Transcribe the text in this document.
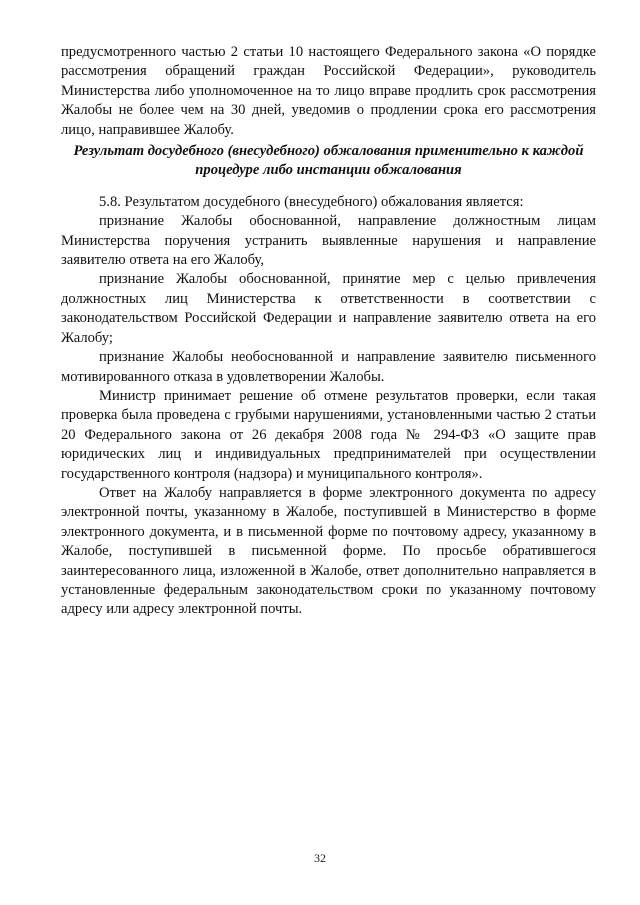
предусмотренного частью 2 статьи 10 настоящего Федерального закона «О порядке рассмотрения обращений граждан Российской Федерации», руководитель Министерства либо уполномоченное на то лицо вправе продлить срок рассмотрения Жалобы не более чем на 30 дней, уведомив о продлении срока его рассмотрения лицо, направившее Жалобу.

Результат досудебного (внесудебного) обжалования применительно к каждой процедуре либо инстанции обжалования

5.8. Результатом досудебного (внесудебного) обжалования является:

признание Жалобы обоснованной, направление должностным лицам Министерства поручения устранить выявленные нарушения и направление заявителю ответа на его Жалобу,

признание Жалобы обоснованной, принятие мер с целью привлечения должностных лиц Министерства к ответственности в соответствии с законодательством Российской Федерации и направление заявителю ответа на его Жалобу;

признание Жалобы необоснованной и направление заявителю письменного мотивированного отказа в удовлетворении Жалобы.

Министр принимает решение об отмене результатов проверки, если такая проверка была проведена с грубыми нарушениями, установленными частью 2 статьи 20 Федерального закона от 26 декабря 2008 года № 294-ФЗ «О защите прав юридических лиц и индивидуальных предпринимателей при осуществлении государственного контроля (надзора) и муниципального контроля».

Ответ на Жалобу направляется в форме электронного документа по адресу электронной почты, указанному в Жалобе, поступившей в Министерство в форме электронного документа, и в письменной форме по почтовому адресу, указанному в Жалобе, поступившей в письменной форме. По просьбе обратившегося заинтересованного лица, изложенной в Жалобе, ответ дополнительно направляется в установленные федеральным законодательством сроки по указанному почтовому адресу или адресу электронной почты.

32
